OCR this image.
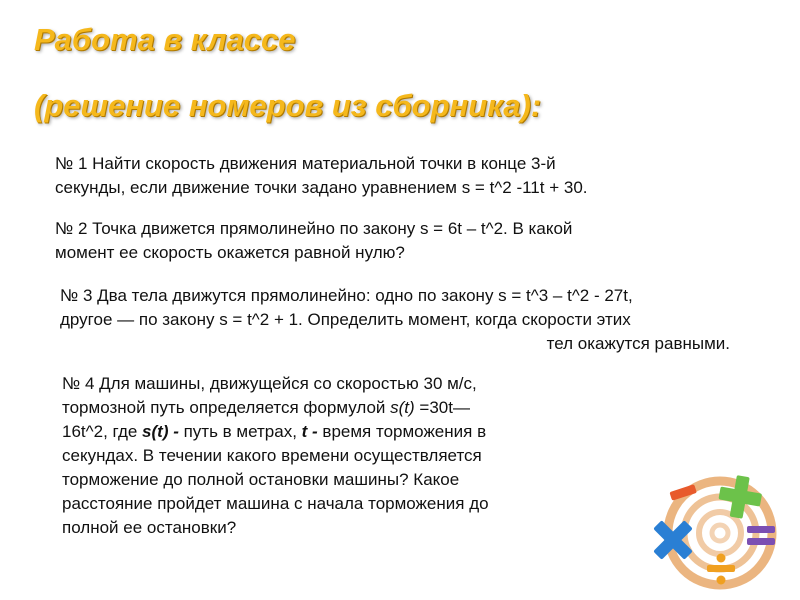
Работа в классе
(решение номеров из сборника):
№ 1 Найти скорость движения материальной точки в конце 3-й
секунды, если движение точки задано уравнением s = t^2 -11t + 30.
№ 2 Точка движется прямолинейно по закону s = 6t – t^2. В какой
момент ее скорость окажется равной нулю?
№ 3 Два тела движутся прямолинейно: одно по закону s = t^3 – t^2 - 27t,
другое — по закону s = t^2 + 1. Определить момент, когда скорости этих
тел окажутся равными.
№ 4 Для машины, движущейся со скоростью 30 м/с,
тормозной путь определяется формулой s(t) =30t—
16t^2, где s(t) - путь в метрах, t - время торможения в
секундах. В течении какого времени осуществляется
торможение до полной остановки машины? Какое
расстояние пройдет машина с начала торможения до
полной ее остановки?
